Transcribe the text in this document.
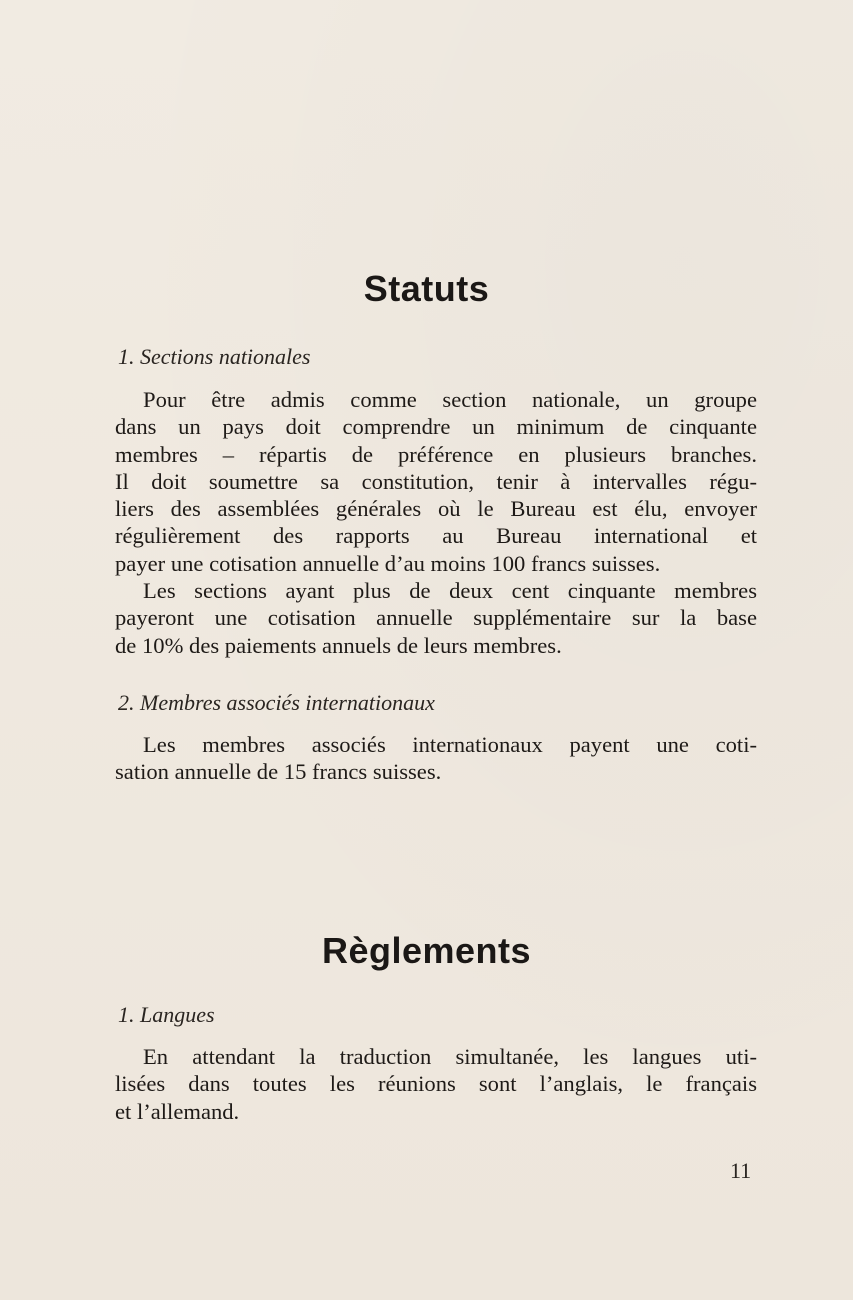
Statuts
1. Sections nationales

Pour être admis comme section nationale, un groupe
dans un pays doit comprendre un minimum de cinquante
membres – répartis de préférence en plusieurs branches.
Il doit soumettre sa constitution, tenir à intervalles régu-
liers des assemblées générales où le Bureau est élu, envoyer
régulièrement des rapports au Bureau international et
payer une cotisation annuelle d’au moins 100 francs suisses.

Les sections ayant plus de deux cent cinquante membres
payeront une cotisation annuelle supplémentaire sur la base
de 10% des paiements annuels de leurs membres.

2. Membres associés internationaux

Les membres associés internationaux payent une coti-
sation annuelle de 15 francs suisses.

Règlements
1. Langues

En attendant la traduction simultanée, les langues uti-
lisées dans toutes les réunions sont l’anglais, le français
et l’allemand.

11
